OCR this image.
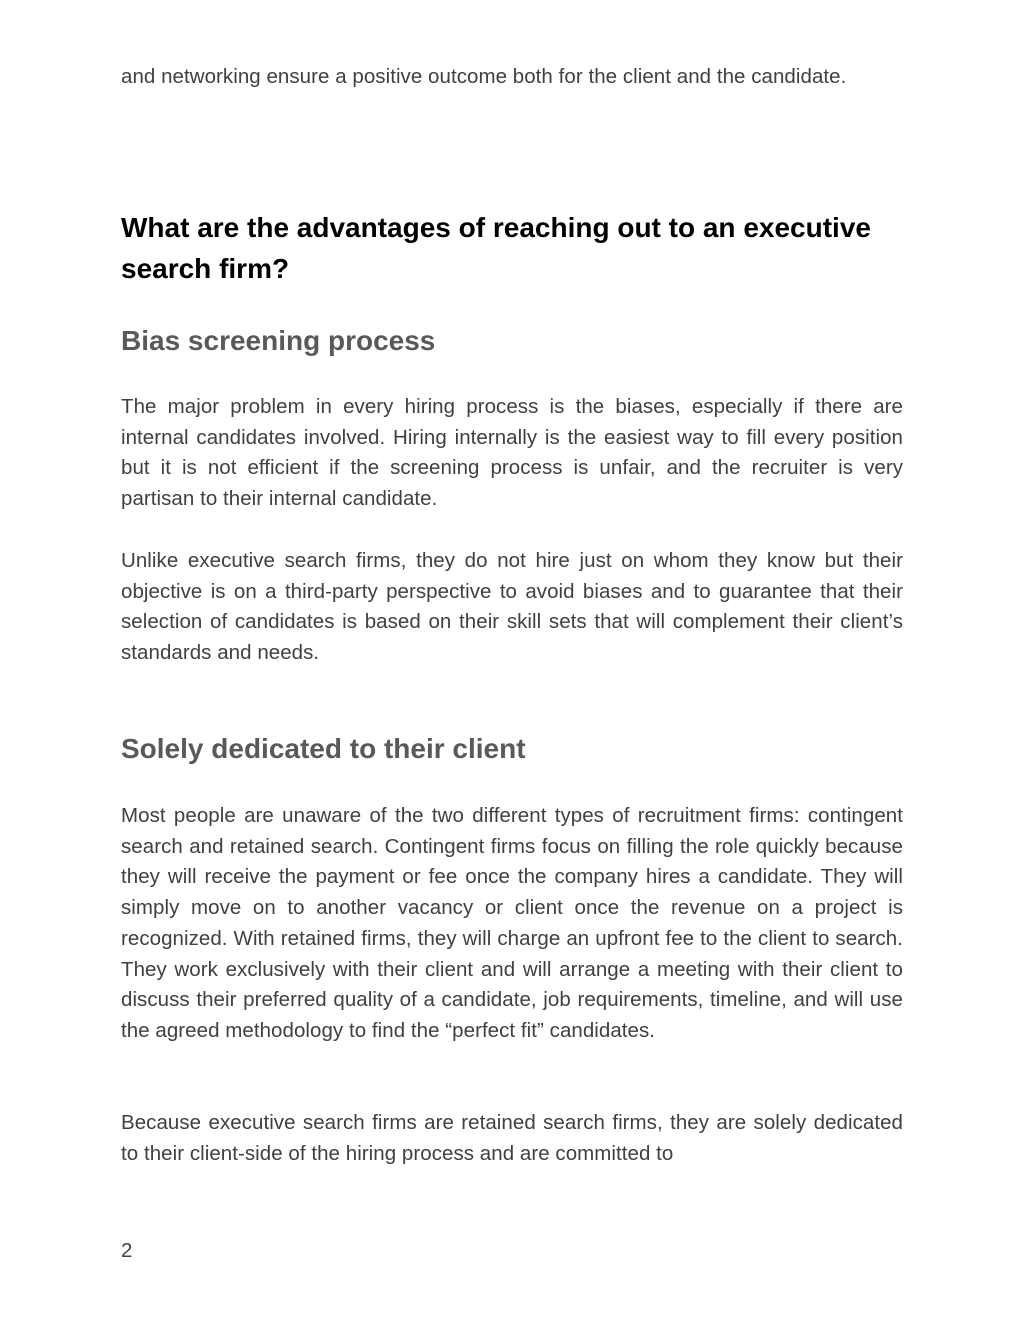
and networking ensure a positive outcome both for the client and the candidate.

What are the advantages of reaching out to an executive search firm?
Bias screening process

The major problem in every hiring process is the biases, especially if there are internal candidates involved. Hiring internally is the easiest way to fill every position but it is not efficient if the screening process is unfair, and the recruiter is very partisan to their internal candidate.

Unlike executive search firms, they do not hire just on whom they know but their objective is on a third-party perspective to avoid biases and to guarantee that their selection of candidates is based on their skill sets that will complement their client’s standards and needs.

Solely dedicated to their client

Most people are unaware of the two different types of recruitment firms: contingent search and retained search. Contingent firms focus on filling the role quickly because they will receive the payment or fee once the company hires a candidate. They will simply move on to another vacancy or client once the revenue on a project is recognized. With retained firms, they will charge an upfront fee to the client to search. They work exclusively with their client and will arrange a meeting with their client to discuss their preferred quality of a candidate, job requirements, timeline, and will use the agreed methodology to find the “perfect fit” candidates.

Because executive search firms are retained search firms, they are solely dedicated to their client-side of the hiring process and are committed to

2
